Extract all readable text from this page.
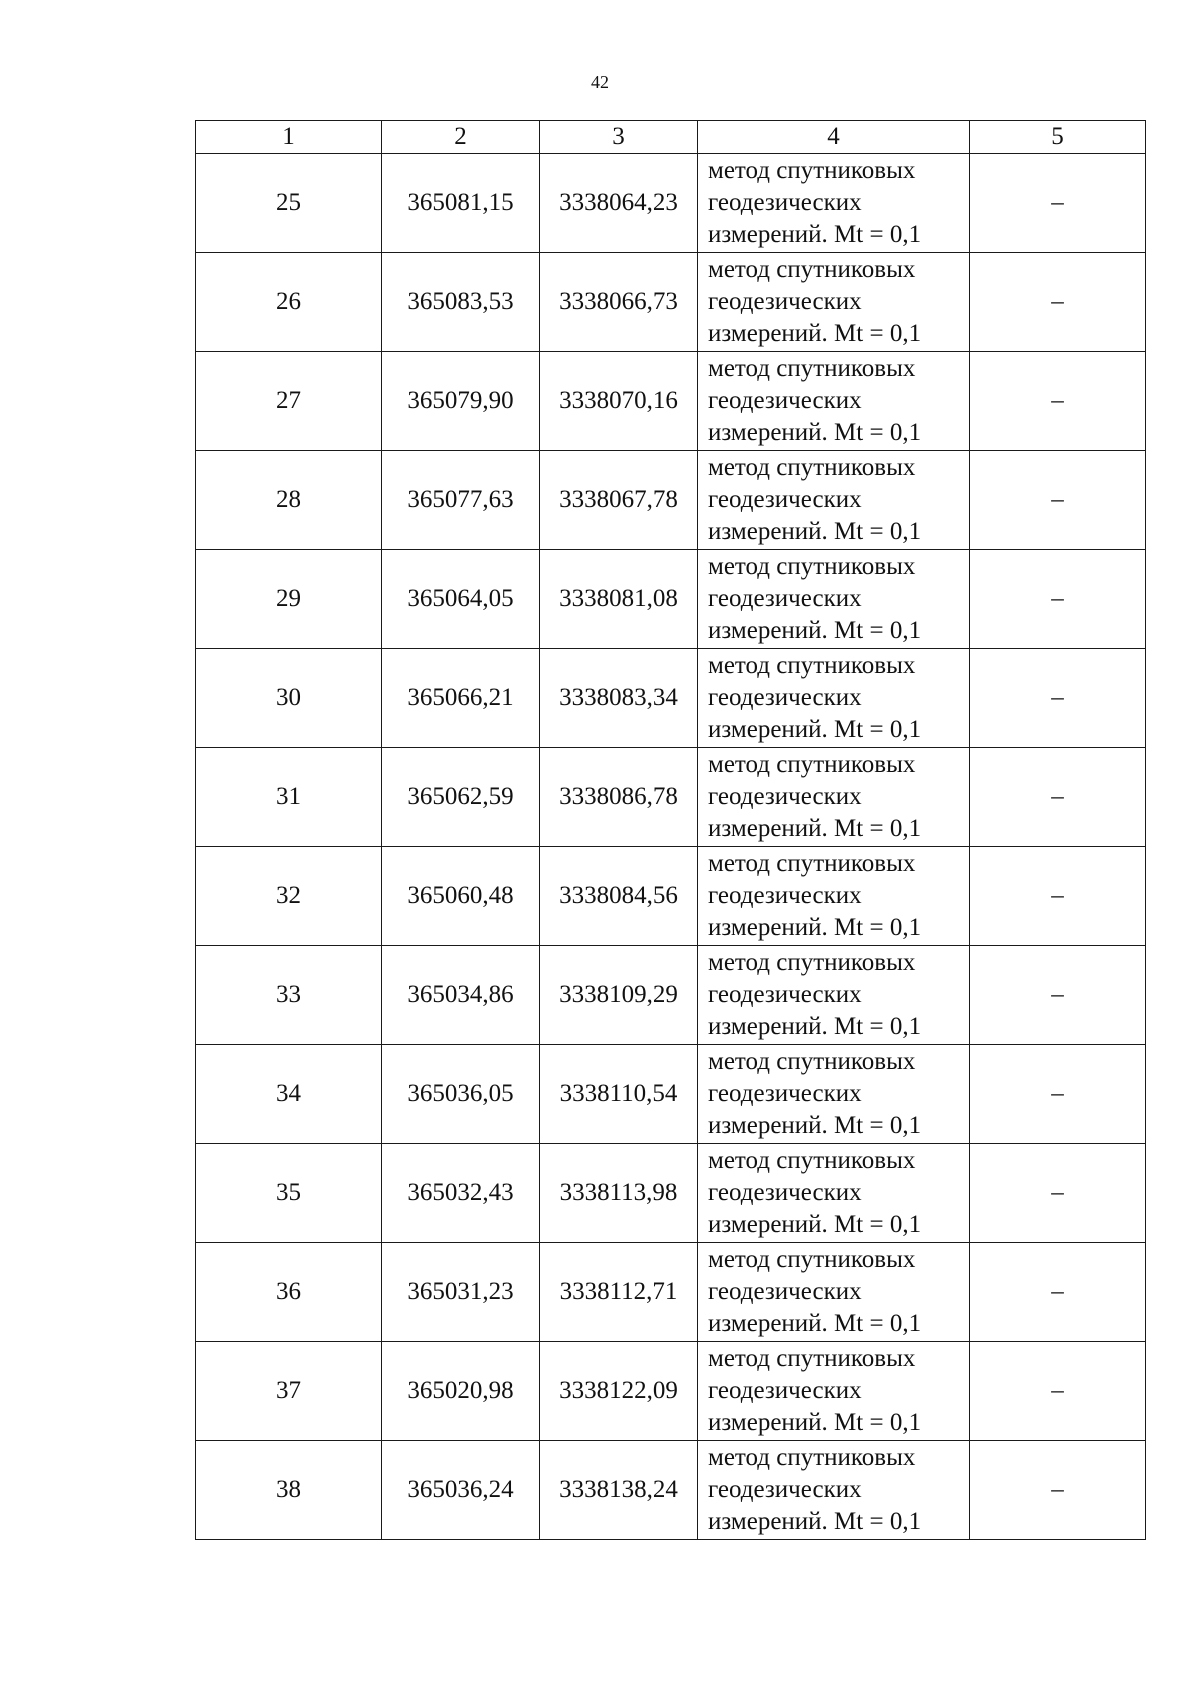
42
1	2	3	4	5
25	365081,15	3338064,23	метод спутниковых
геодезических
измерений. Mt = 0,1	–
26	365083,53	3338066,73	метод спутниковых
геодезических
измерений. Mt = 0,1	–
27	365079,90	3338070,16	метод спутниковых
геодезических
измерений. Mt = 0,1	–
28	365077,63	3338067,78	метод спутниковых
геодезических
измерений. Mt = 0,1	–
29	365064,05	3338081,08	метод спутниковых
геодезических
измерений. Mt = 0,1	–
30	365066,21	3338083,34	метод спутниковых
геодезических
измерений. Mt = 0,1	–
31	365062,59	3338086,78	метод спутниковых
геодезических
измерений. Mt = 0,1	–
32	365060,48	3338084,56	метод спутниковых
геодезических
измерений. Mt = 0,1	–
33	365034,86	3338109,29	метод спутниковых
геодезических
измерений. Mt = 0,1	–
34	365036,05	3338110,54	метод спутниковых
геодезических
измерений. Mt = 0,1	–
35	365032,43	3338113,98	метод спутниковых
геодезических
измерений. Mt = 0,1	–
36	365031,23	3338112,71	метод спутниковых
геодезических
измерений. Mt = 0,1	–
37	365020,98	3338122,09	метод спутниковых
геодезических
измерений. Mt = 0,1	–
38	365036,24	3338138,24	метод спутниковых
геодезических
измерений. Mt = 0,1	–
